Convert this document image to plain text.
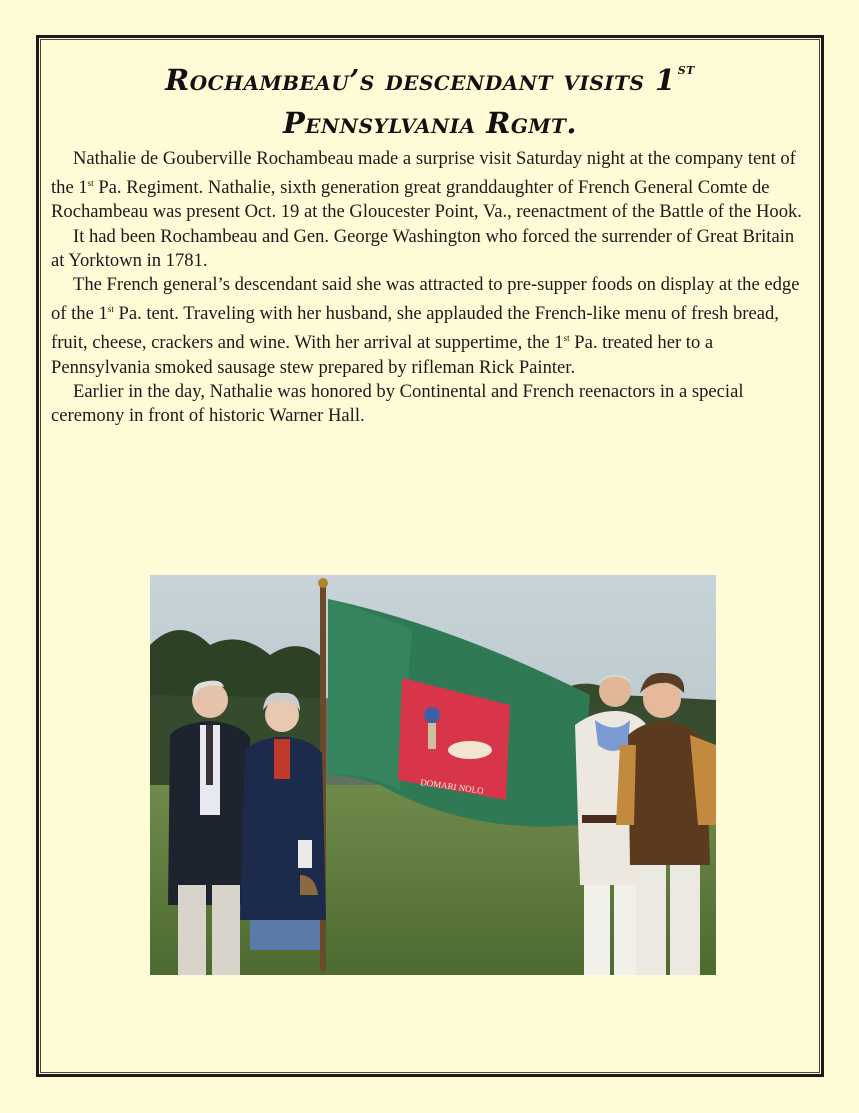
Rochambeau’s descendant visits 1 $^{st}$
Pennsylvania Rgmt.

Nathalie de Gouberville Rochambeau made a surprise visit Saturday night at the company tent of the 1st Pa. Regiment. Nathalie, sixth generation great granddaughter of French General Comte de Rochambeau was present Oct. 19 at the Gloucester Point, Va., reenactment of the Battle of the Hook.

It had been Rochambeau and Gen. George Washington who forced the surrender of Great Britain at Yorktown in 1781.

The French general’s descendant said she was attracted to pre-supper foods on display at the edge of the 1st Pa. tent. Traveling with her husband, she applauded the French-like menu of fresh bread, fruit, cheese, crackers and wine. With her arrival at suppertime, the 1st Pa. treated her to a Pennsylvania smoked sausage stew prepared by rifleman Rick Painter.

Earlier in the day, Nathalie was honored by Continental and French reenactors in a special ceremony in front of historic Warner Hall.

DOMARI NOLO
